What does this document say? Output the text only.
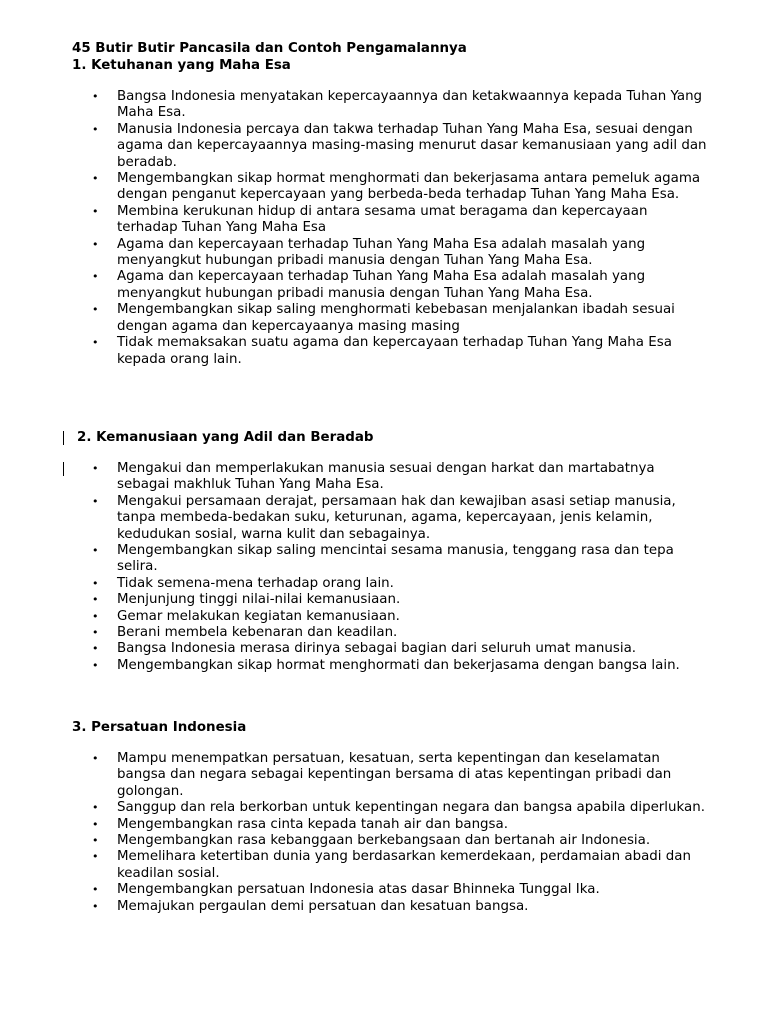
45 Butir Butir Pancasila dan Contoh Pengamalannya
1. Ketuhanan yang Maha Esa
• Bangsa Indonesia menyatakan kepercayaannya dan ketakwaannya kepada Tuhan Yang Maha Esa.
• Manusia Indonesia percaya dan takwa terhadap Tuhan Yang Maha Esa, sesuai dengan agama dan kepercayaannya masing-masing menurut dasar kemanusiaan yang adil dan beradab.
• Mengembangkan sikap hormat menghormati dan bekerjasama antara pemeluk agama dengan penganut kepercayaan yang berbeda-beda terhadap Tuhan Yang Maha Esa.
• Membina kerukunan hidup di antara sesama umat beragama dan kepercayaan terhadap Tuhan Yang Maha Esa
• Agama dan kepercayaan terhadap Tuhan Yang Maha Esa adalah masalah yang menyangkut hubungan pribadi manusia dengan Tuhan Yang Maha Esa.
• Agama dan kepercayaan terhadap Tuhan Yang Maha Esa adalah masalah yang menyangkut hubungan pribadi manusia dengan Tuhan Yang Maha Esa.
• Mengembangkan sikap saling menghormati kebebasan menjalankan ibadah sesuai dengan agama dan kepercayaanya masing masing
• Tidak memaksakan suatu agama dan kepercayaan terhadap Tuhan Yang Maha Esa kepada orang lain.
2. Kemanusiaan yang Adil dan Beradab
• Mengakui dan memperlakukan manusia sesuai dengan harkat dan martabatnya sebagai makhluk Tuhan Yang Maha Esa.
• Mengakui persamaan derajat, persamaan hak dan kewajiban asasi setiap manusia, tanpa membeda-bedakan suku, keturunan, agama, kepercayaan, jenis kelamin, kedudukan sosial, warna kulit dan sebagainya.
• Mengembangkan sikap saling mencintai sesama manusia, tenggang rasa dan tepa selira.
• Tidak semena-mena terhadap orang lain.
• Menjunjung tinggi nilai-nilai kemanusiaan.
• Gemar melakukan kegiatan kemanusiaan.
• Berani membela kebenaran dan keadilan.
• Bangsa Indonesia merasa dirinya sebagai bagian dari seluruh umat manusia.
• Mengembangkan sikap hormat menghormati dan bekerjasama dengan bangsa lain.
3. Persatuan Indonesia
• Mampu menempatkan persatuan, kesatuan, serta kepentingan dan keselamatan bangsa dan negara sebagai kepentingan bersama di atas kepentingan pribadi dan golongan.
• Sanggup dan rela berkorban untuk kepentingan negara dan bangsa apabila diperlukan.
• Mengembangkan rasa cinta kepada tanah air dan bangsa.
• Mengembangkan rasa kebanggaan berkebangsaan dan bertanah air Indonesia.
• Memelihara ketertiban dunia yang berdasarkan kemerdekaan, perdamaian abadi dan keadilan sosial.
• Mengembangkan persatuan Indonesia atas dasar Bhinneka Tunggal Ika.
• Memajukan pergaulan demi persatuan dan kesatuan bangsa.
